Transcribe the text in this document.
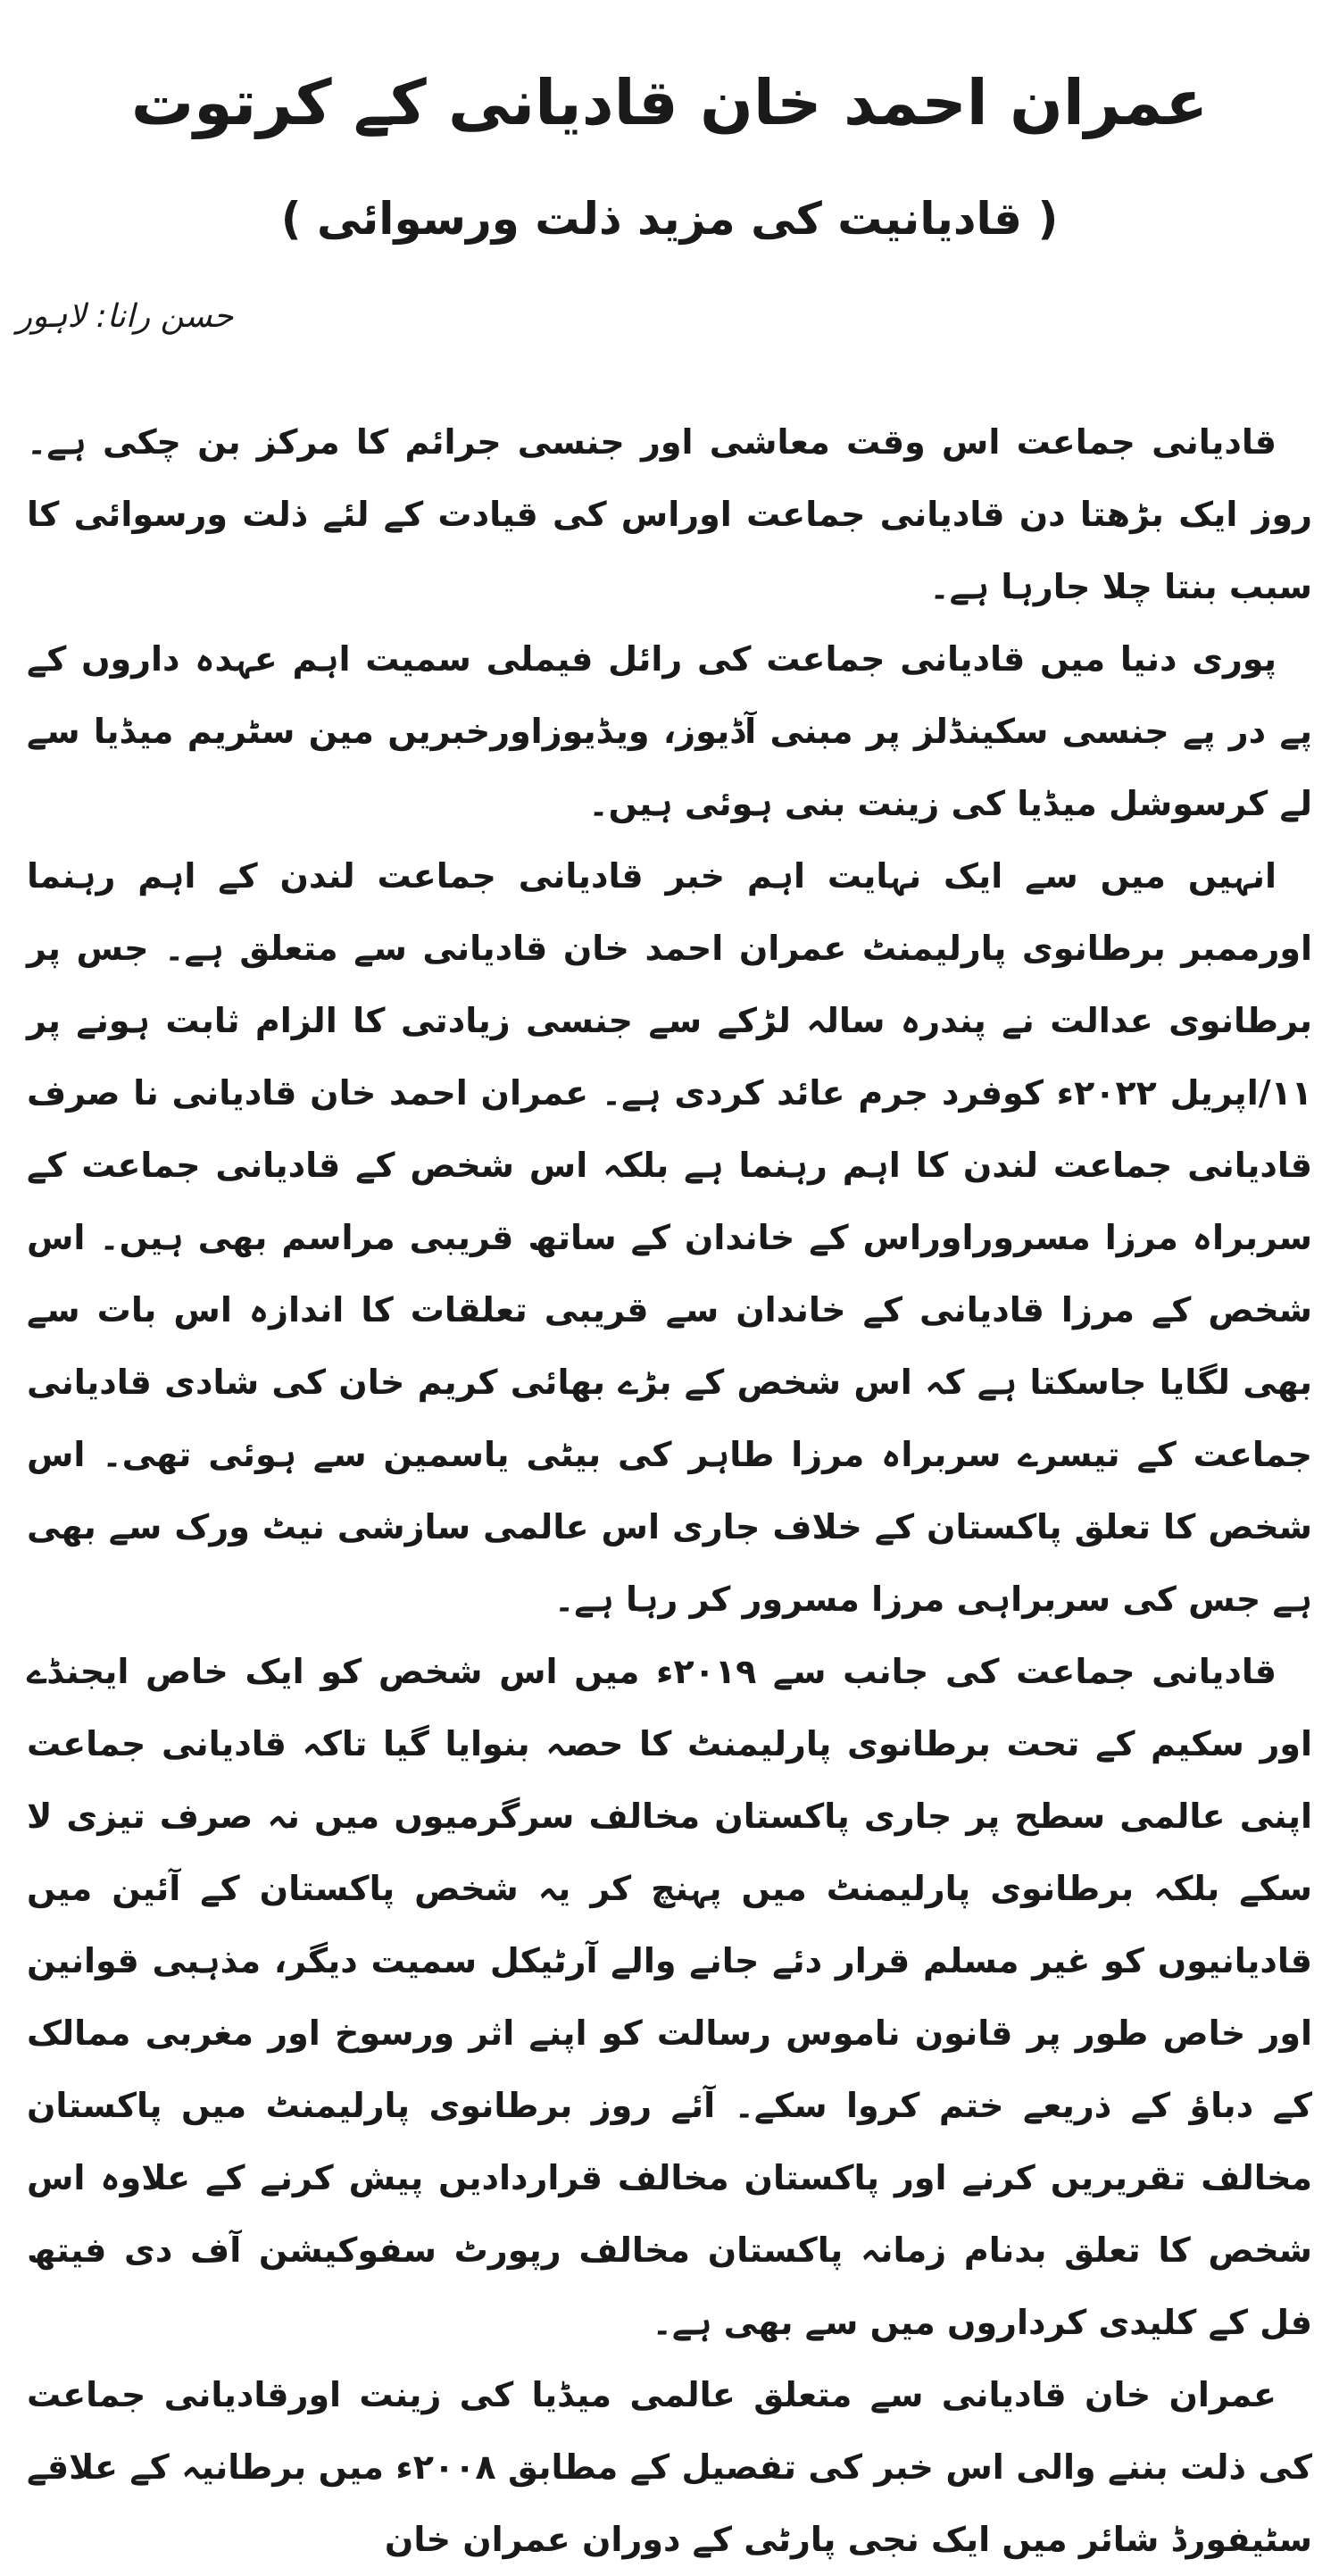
عمران احمد خان قادیانی کے کرتوت
( قادیانیت کی مزید ذلت ورسوائی )

حسن رانا: لاہور

قادیانی جماعت اس وقت معاشی اور جنسی جرائم کا مرکز بن چکی ہے۔ روز ایک بڑھتا دن قادیانی جماعت اوراس کی قیادت کے لئے ذلت ورسوائی کا سبب بنتا چلا جارہا ہے۔

پوری دنیا میں قادیانی جماعت کی رائل فیملی سمیت اہم عہدہ داروں کے پے در پے جنسی سکینڈلز پر مبنی آڈیوز، ویڈیوزاورخبریں مین سٹریم میڈیا سے لے کرسوشل میڈیا کی زینت بنی ہوئی ہیں۔

انہیں میں سے ایک نہایت اہم خبر قادیانی جماعت لندن کے اہم رہنما اورممبر برطانوی پارلیمنٹ عمران احمد خان قادیانی سے متعلق ہے۔ جس پر برطانوی عدالت نے پندرہ سالہ لڑکے سے جنسی زیادتی کا الزام ثابت ہونے پر ۱۱/اپریل ۲۰۲۲ء کوفرد جرم عائد کردی ہے۔ عمران احمد خان قادیانی نا صرف قادیانی جماعت لندن کا اہم رہنما ہے بلکہ اس شخص کے قادیانی جماعت کے سربراہ مرزا مسروراوراس کے خاندان کے ساتھ قریبی مراسم بھی ہیں۔ اس شخص کے مرزا قادیانی کے خاندان سے قریبی تعلقات کا اندازہ اس بات سے بھی لگایا جاسکتا ہے کہ اس شخص کے بڑے بھائی کریم خان کی شادی قادیانی جماعت کے تیسرے سربراہ مرزا طاہر کی بیٹی یاسمین سے ہوئی تھی۔ اس شخص کا تعلق پاکستان کے خلاف جاری اس عالمی سازشی نیٹ ورک سے بھی ہے جس کی سربراہی مرزا مسرور کر رہا ہے۔

قادیانی جماعت کی جانب سے ۲۰۱۹ء میں اس شخص کو ایک خاص ایجنڈے اور سکیم کے تحت برطانوی پارلیمنٹ کا حصہ بنوایا گیا تاکہ قادیانی جماعت اپنی عالمی سطح پر جاری پاکستان مخالف سرگرمیوں میں نہ صرف تیزی لا سکے بلکہ برطانوی پارلیمنٹ میں پہنچ کر یہ شخص پاکستان کے آئین میں قادیانیوں کو غیر مسلم قرار دئے جانے والے آرٹیکل سمیت دیگر، مذہبی قوانین اور خاص طور پر قانون ناموس رسالت کو اپنے اثر ورسوخ اور مغربی ممالک کے دباؤ کے ذریعے ختم کروا سکے۔ آئے روز برطانوی پارلیمنٹ میں پاکستان مخالف تقریریں کرنے اور پاکستان مخالف قراردادیں پیش کرنے کے علاوہ اس شخص کا تعلق بدنام زمانہ پاکستان مخالف رپورٹ سفوکیشن آف دی فیتھ فل کے کلیدی کرداروں میں سے بھی ہے۔

عمران خان قادیانی سے متعلق عالمی میڈیا کی زینت اورقادیانی جماعت کی ذلت بننے والی اس خبر کی تفصیل کے مطابق ۲۰۰۸ء میں برطانیہ کے علاقے سٹیفورڈ شائر میں ایک نجی پارٹی کے دوران عمران خان
